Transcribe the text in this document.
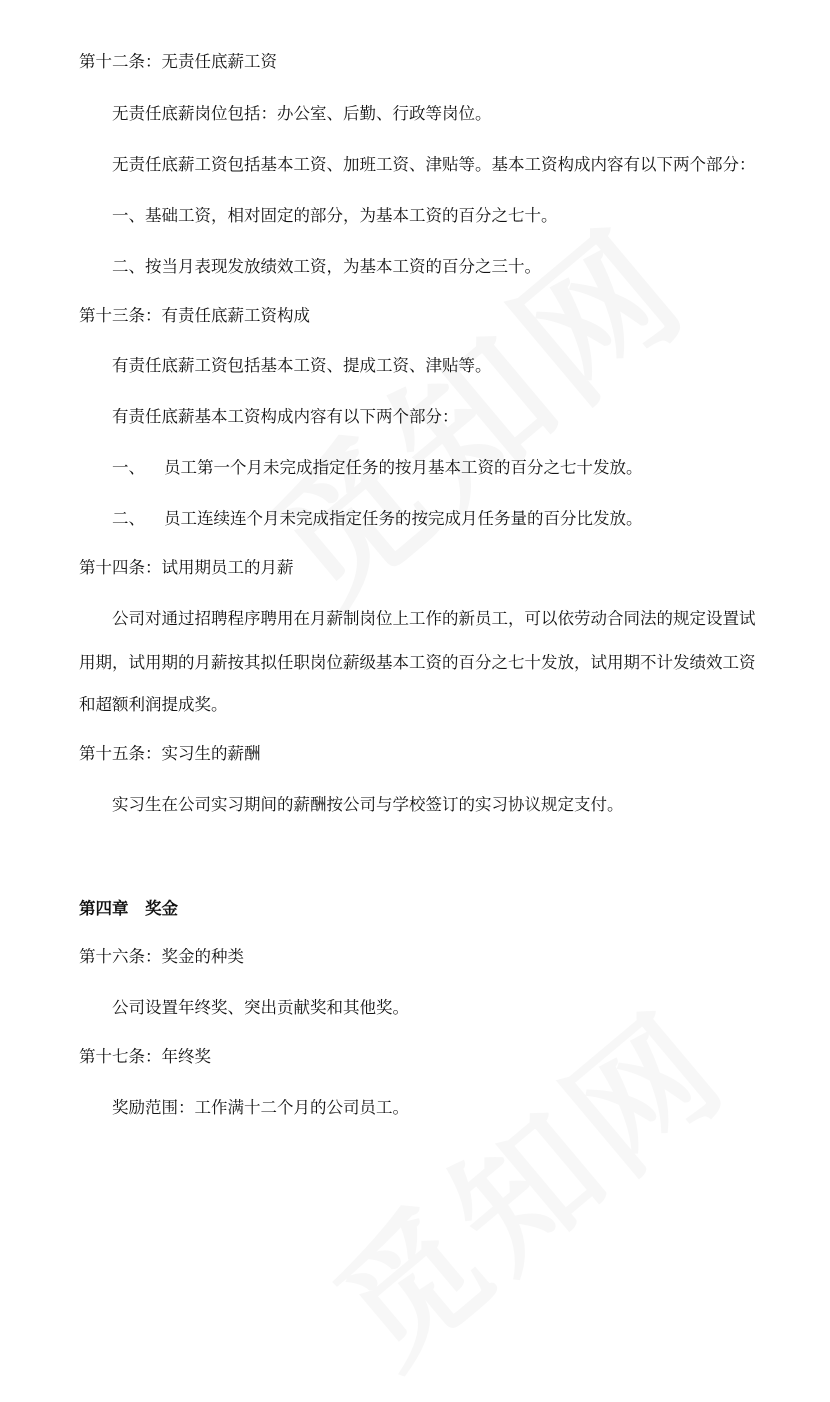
第十二条：无责任底薪工资

无责任底薪岗位包括：办公室、后勤、行政等岗位。

无责任底薪工资包括基本工资、加班工资、津贴等。基本工资构成内容有以下两个部分：

一、基础工资，相对固定的部分，为基本工资的百分之七十。

二、按当月表现发放绩效工资，为基本工资的百分之三十。

第十三条：有责任底薪工资构成

有责任底薪工资包括基本工资、提成工资、津贴等。

有责任底薪基本工资构成内容有以下两个部分：

一、 员工第一个月未完成指定任务的按月基本工资的百分之七十发放。

二、 员工连续连个月未完成指定任务的按完成月任务量的百分比发放。

第十四条：试用期员工的月薪

公司对通过招聘程序聘用在月薪制岗位上工作的新员工，可以依劳动合同法的规定设置试

用期，试用期的月薪按其拟任职岗位薪级基本工资的百分之七十发放，试用期不计发绩效工资

和超额利润提成奖。

第十五条：实习生的薪酬

实习生在公司实习期间的薪酬按公司与学校签订的实习协议规定支付。

第四章　奖金

第十六条：奖金的种类

公司设置年终奖、突出贡献奖和其他奖。

第十七条：年终奖

奖励范围：工作满十二个月的公司员工。
